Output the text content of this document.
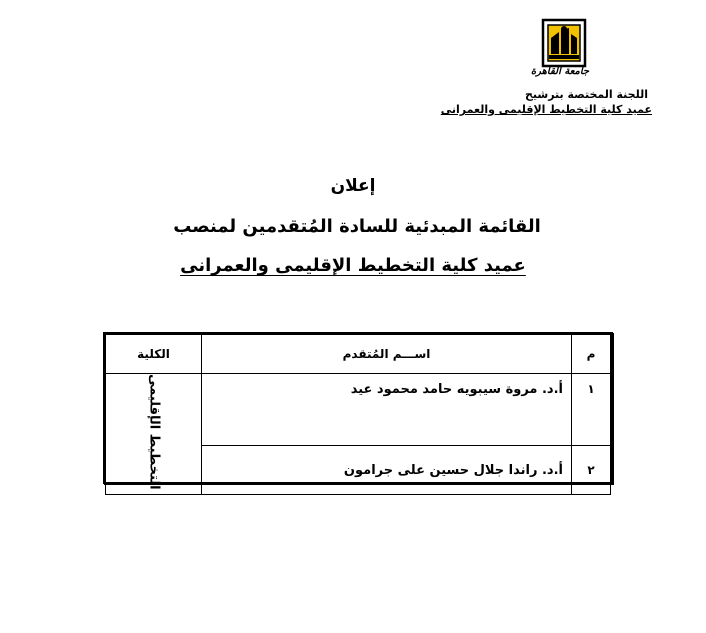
جامعة القاهرة
اللجنة المختصة بترشيح
عميد كلية التخطيط الإقليمى والعمرانى
إعلان
القائمة المبدئية للسادة المُتقدمين لمنصب
عميد كلية التخطيط الإقليمى والعمرانى
م	اســـم المُتقدم	الكلية
١	أ.د. مروة سيبويه حامد محمود عيد	التخطيط الإقليمى
٢	أ.د. راندا جلال حسين على جرامون	
